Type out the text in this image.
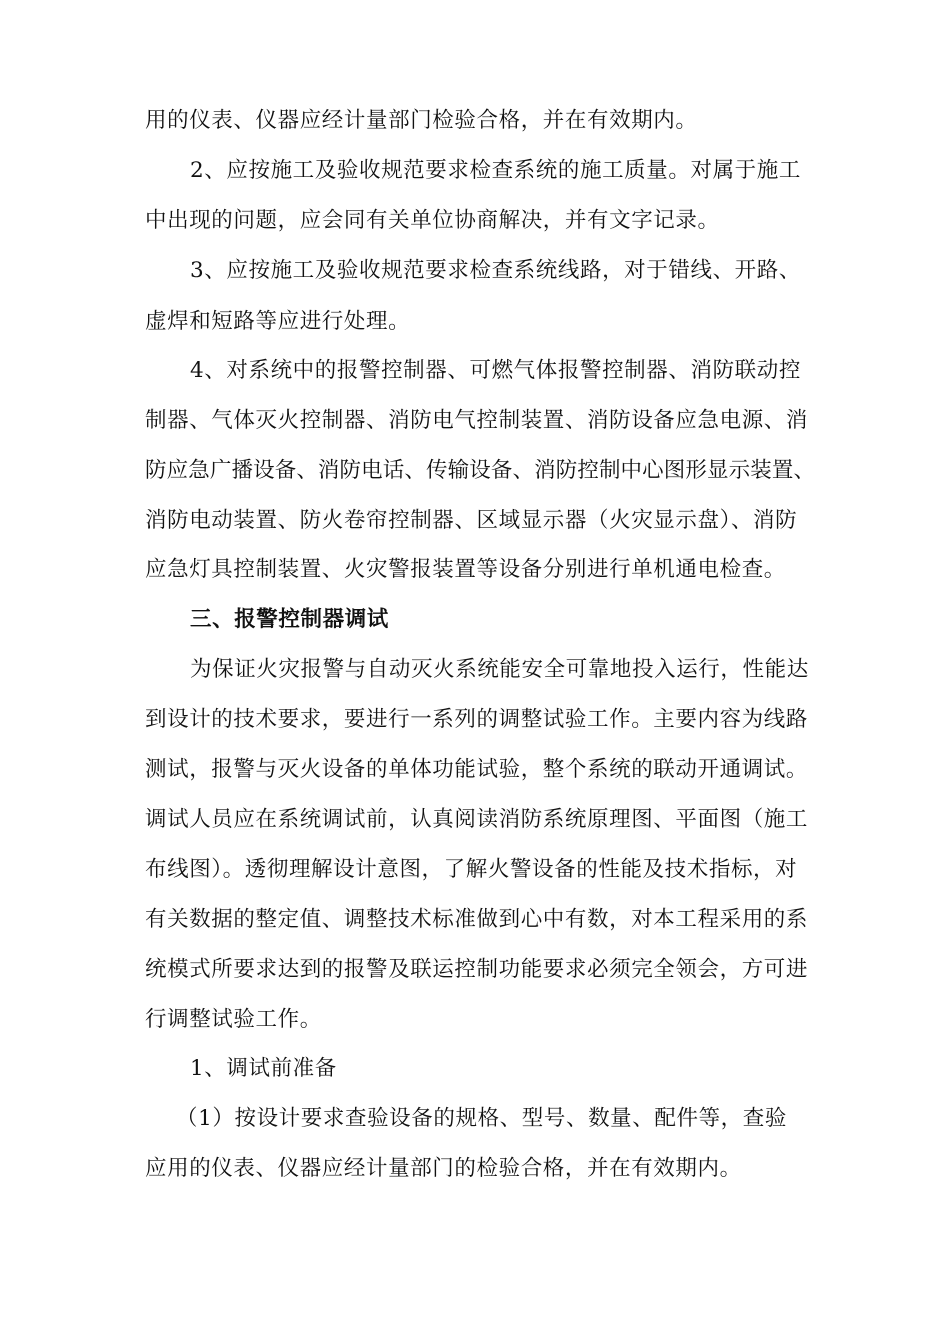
用的仪表、仪器应经计量部门检验合格，并在有效期内。
2、应按施工及验收规范要求检查系统的施工质量。对属于施工
中出现的问题，应会同有关单位协商解决，并有文字记录。
3、应按施工及验收规范要求检查系统线路，对于错线、开路、
虚焊和短路等应进行处理。
4、对系统中的报警控制器、可燃气体报警控制器、消防联动控
制器、气体灭火控制器、消防电气控制装置、消防设备应急电源、消
防应急广播设备、消防电话、传输设备、消防控制中心图形显示装置、
消防电动装置、防火卷帘控制器、区域显示器（火灾显示盘）、消防
应急灯具控制装置、火灾警报装置等设备分别进行单机通电检查。
三、报警控制器调试
为保证火灾报警与自动灭火系统能安全可靠地投入运行，性能达
到设计的技术要求，要进行一系列的调整试验工作。主要内容为线路
测试，报警与灭火设备的单体功能试验，整个系统的联动开通调试。
调试人员应在系统调试前，认真阅读消防系统原理图、平面图（施工
布线图）。透彻理解设计意图，了解火警设备的性能及技术指标，对
有关数据的整定值、调整技术标准做到心中有数，对本工程采用的系
统模式所要求达到的报警及联运控制功能要求必须完全领会，方可进
行调整试验工作。
1、调试前准备
（1）按设计要求查验设备的规格、型号、数量、配件等，查验
应用的仪表、仪器应经计量部门的检验合格，并在有效期内。
